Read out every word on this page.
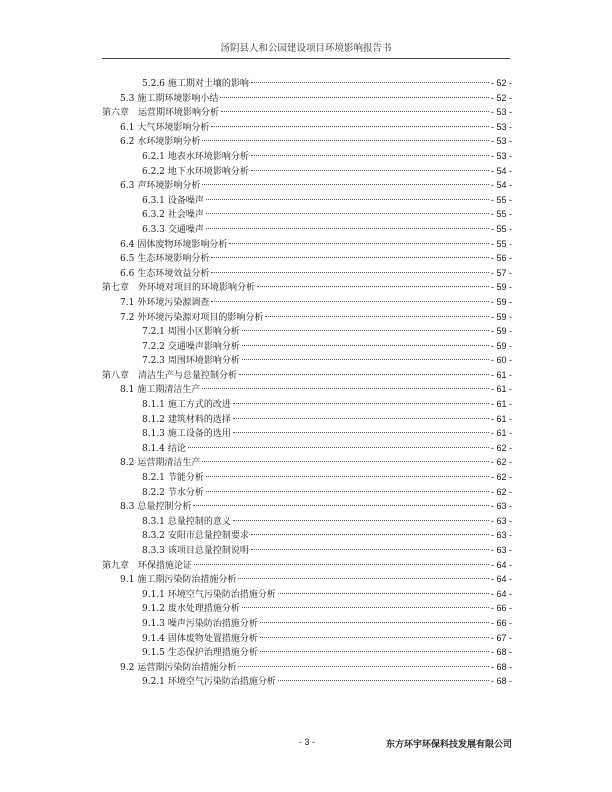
汤阴县人和公园建设项目环境影响报告书
5.2.6 施工期对土壤的影响	- 52 -
5.3 施工期环境影响小结	- 52 -
第六章 运营期环境影响分析	- 53 -
6.1 大气环境影响分析	- 53 -
6.2 水环境影响分析	- 53 -
6.2.1 地表水环境影响分析	- 53 -
6.2.2 地下水环境影响分析	- 54 -
6.3 声环境影响分析	- 54 -
6.3.1 设备噪声	- 55 -
6.3.2 社会噪声	- 55 -
6.3.3 交通噪声	- 55 -
6.4 固体废物环境影响分析	- 55 -
6.5 生态环境影响分析	- 56 -
6.6 生态环境效益分析	- 57 -
第七章 外环境对项目的环境影响分析	- 59 -
7.1 外环境污染源调查	- 59 -
7.2 外环境污染源对项目的影响分析	- 59 -
7.2.1 周围小区影响分析	- 59 -
7.2.2 交通噪声影响分析	- 59 -
7.2.3 周围环境影响分析	- 60 -
第八章 清洁生产与总量控制分析	- 61 -
8.1 施工期清洁生产	- 61 -
8.1.1 施工方式的改进	- 61 -
8.1.2 建筑材料的选择	- 61 -
8.1.3 施工设备的选用	- 61 -
8.1.4 结论	- 62 -
8.2 运营期清洁生产	- 62 -
8.2.1 节能分析	- 62 -
8.2.2 节水分析	- 62 -
8.3 总量控制分析	- 63 -
8.3.1 总量控制的意义	- 63 -
8.3.2 安阳市总量控制要求	- 63 -
8.3.3 该项目总量控制说明	- 63 -
第九章 环保措施论证	- 64 -
9.1 施工期污染防治措施分析	- 64 -
9.1.1 环境空气污染防治措施分析	- 64 -
9.1.2 废水处理措施分析	- 66 -
9.1.3 噪声污染防治措施分析	- 66 -
9.1.4 固体废物处置措施分析	- 67 -
9.1.5 生态保护治理措施分析	- 68 -
9.2 运营期污染防治措施分析	- 68 -
9.2.1 环境空气污染防治措施分析	- 68 -
- 3 -	东方环宇环保科技发展有限公司
